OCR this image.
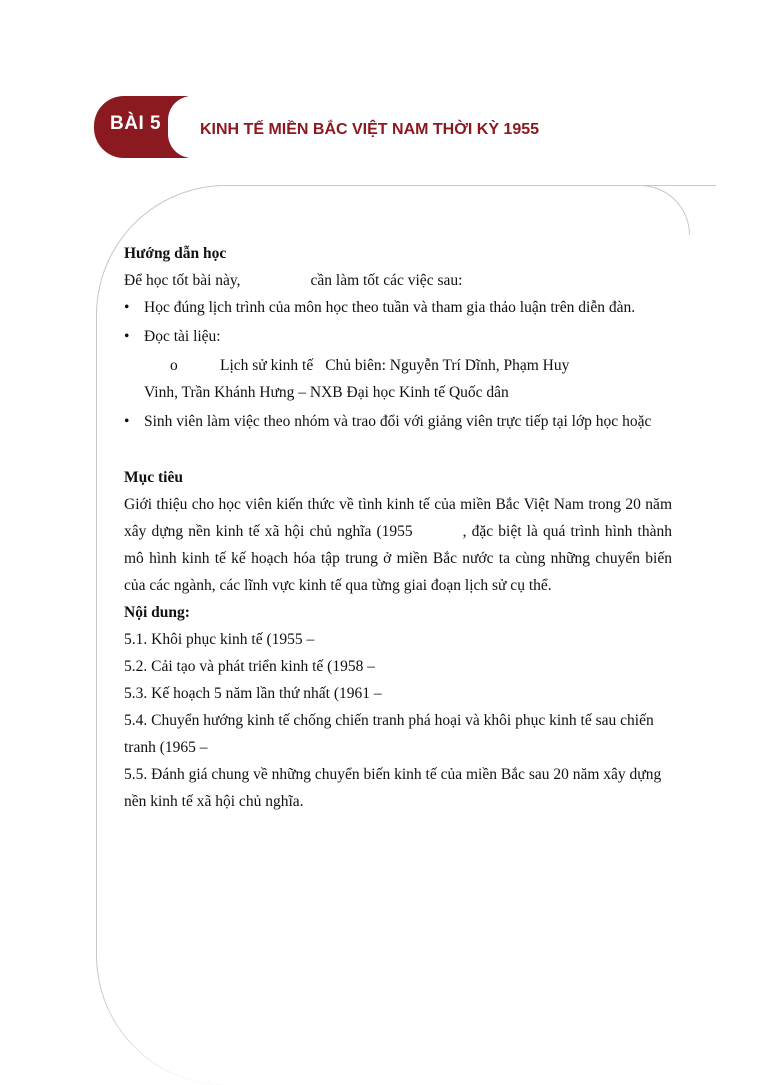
BÀI 5 KINH TẾ MIỀN BẮC VIỆT NAM THỜI KỲ 1955

Hướng dẫn học

Để học tốt bài này,	cần làm tốt các việc sau:

• Học đúng lịch trình của môn học theo tuần và tham gia thảo luận trên diễn đàn.
• Đọc tài liệu:
o	Lịch sử kinh tế Chủ biên: Nguyễn Trí Dĩnh, Phạm Huy
Vinh, Trần Khánh Hưng – NXB Đại học Kinh tế Quốc dân
• Sinh viên làm việc theo nhóm và trao đổi với giảng viên trực tiếp tại lớp học hoặc

Mục tiêu

Giới thiệu cho học viên kiến thức về tình kinh tế của miền Bắc Việt Nam trong 20 năm xây dựng nền kinh tế xã hội chủ nghĩa (1955	, đặc biệt là quá trình hình thành mô hình kinh tế kế hoạch hóa tập trung ở miền Bắc nước ta cùng những chuyển biến của các ngành, các lĩnh vực kinh tế qua từng giai đoạn lịch sử cụ thể.

Nội dung:

5.1. Khôi phục kinh tế (1955 –

5.2. Cải tạo và phát triển kinh tế (1958 –

5.3. Kế hoạch 5 năm lần thứ nhất (1961 –

5.4. Chuyển hướng kinh tế chống chiến tranh phá hoại và khôi phục kinh tế sau chiến tranh (1965 –

5.5. Đánh giá chung về những chuyển biến kinh tế của miền Bắc sau 20 năm xây dựng nền kinh tế xã hội chủ nghĩa.
